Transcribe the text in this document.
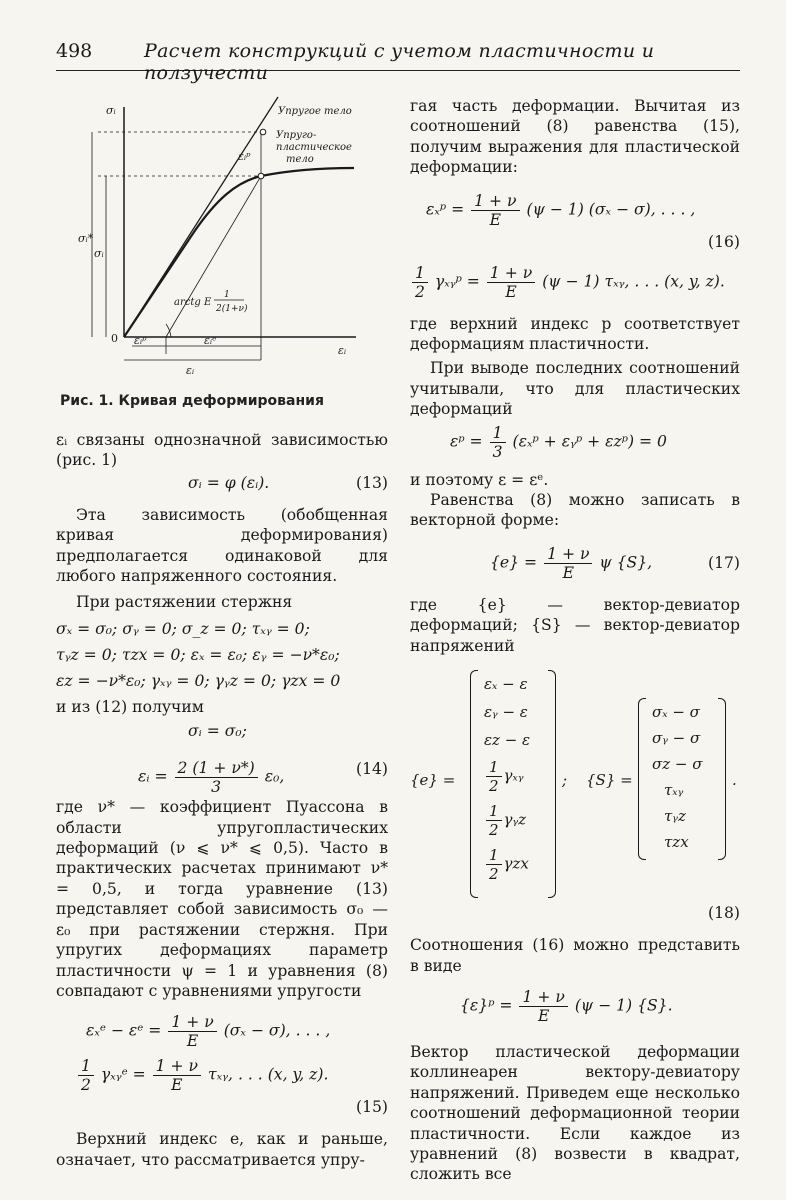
498	Расчет конструкций с учетом пластичности и ползучести
σᵢ	Упругое тело
Упруго-
пластическое
тело
εᵢᵖ
σᵢ*
σᵢ
arctg E
1
2(1+ν)
0
εᵢ
εᵢᵖ	εᵢᵉ
εᵢ
Рис. 1. Кривая деформирования

εᵢ связаны однозначной зависимостью (рис. 1)

σᵢ = φ (εᵢ).	(13)

Эта зависимость (обобщенная кривая деформирования) предполагается одинаковой для любого напряженного состояния.

При растяжении стержня

σₓ = σ₀; σᵧ = 0; σ_z = 0; τₓᵧ = 0;
τᵧz = 0; τzx = 0; εₓ = ε₀; εᵧ = −ν*ε₀;
εz = −ν*ε₀; γₓᵧ = 0; γᵧz = 0; γzx = 0

и из (12) получим

σᵢ = σ₀;
εᵢ = $\frac{2 (1 + \nu*)}{3} \varepsilon_0$,	(14)

где ν* — коэффициент Пуассона в области упругопластических деформаций (ν ⩽ ν* ⩽ 0,5). Часто в практических расчетах принимают ν* = 0,5, и тогда уравнение (13) представляет собой зависимость σ₀ — ε₀ при растяжении стержня. При упругих деформациях параметр пластичности ψ = 1 и уравнения (8) совпадают с уравнениями упругости

εₓᵉ − εᵉ = $\frac{1 + \nu}{E} (\sigma_x - \sigma)$, . . . ,
$\frac{1}{2}$ γₓᵧᵉ = $\frac{1 + \nu}{E}$ τₓᵧ, . . . (x, y, z).
(15)

Верхний индекс e, как и раньше, означает, что рассматривается упру-

гая часть деформации. Вычитая из соотношений (8) равенства (15), получим выражения для пластической деформации:

εₓᵖ = $\frac{1 + \nu}{E} (\psi - 1) (\sigma_x - \sigma)$, . . . ,
(16)
$\frac{1}{2}$ γₓᵧᵖ = $\frac{1 + \nu}{E} (\psi - 1)$ τₓᵧ, . . . (x, y, z).

где верхний индекс p соответствует деформациям пластичности.

При выводе последних соотношений учитывали, что для пластических деформаций

εᵖ = $\frac{1}{3}$ (εₓᵖ + εᵧᵖ + εzᵖ) = 0

и поэтому ε = εᵉ.

Равенства (8) можно записать в векторной форме:

$\{e\} = \frac{1 + \nu}{E}$ ψ {S},	(17)

где {e} — вектор-девиатор деформаций; {S} — вектор-девиатор напряжений

{e} =
εₓ − ε
εᵧ − ε
εz − ε
$\frac{1}{2}$ γₓᵧ
$\frac{1}{2}$ γᵧz
$\frac{1}{2}$ γzx
; {S} =
σₓ − σ
σᵧ − σ
σz − σ
τₓᵧ
τᵧz
τzx
.
(18)

Соотношения (16) можно представить в виде

{ε}ᵖ = $\frac{1 + \nu}{E} (\psi - 1)$ {S}.

Вектор пластической деформации коллинеарен вектору-девиатору напряжений. Приведем еще несколько соотношений деформационной теории пластичности. Если каждое из уравнений (8) возвести в квадрат, сложить все
